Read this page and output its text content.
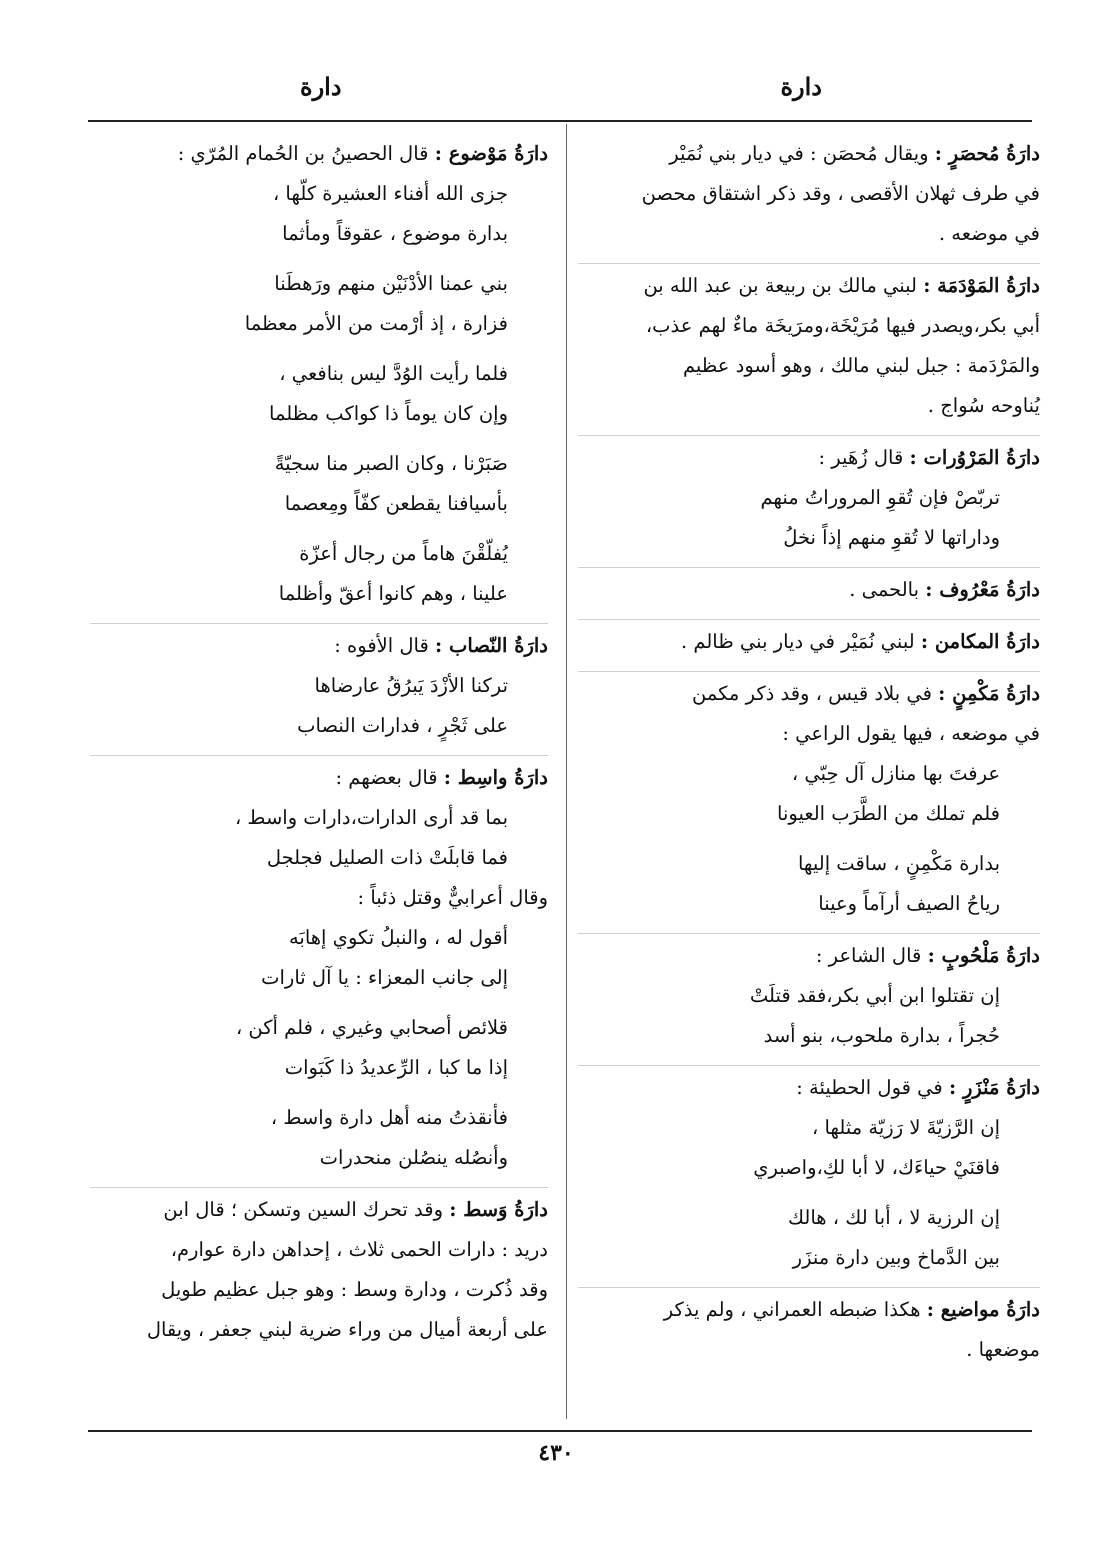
دارة
دارة

دارَةُ مُحصَرٍ : ويقال مُحصَن : في ديار بني نُمَيْر

في طرف ثهلان الأقصى ، وقد ذكر اشتقاق محصن

في موضعه .

دارَةُ المَوْدَمَة : لبني مالك بن ربيعة بن عبد الله بن

أبي بكر،ويصدر فيها مُرَيْخَة،ومرَيخَة ماءٌ لهم عذب،

والمَرْدَمة : جبل لبني مالك ، وهو أسود عظيم

يُناوحه سُواج .

دارَةُ المَرْوُرات : قال زُهَير :

تربّصْ فإن تُقوِ المروراتُ منهم

وداراتها لا تُقوِ منهم إذاً نخلُ

دارَةُ مَعْرُوف : بالحمى .

دارَةُ المكامن : لبني نُمَيْر في ديار بني ظالم .

دارَةُ مَكْمِنٍ : في بلاد قيس ، وقد ذكر مكمن

في موضعه ، فيها يقول الراعي :

عرفتَ بها منازل آل حِبّي ،

فلم تملك من الطَّرَب العيونا

بدارة مَكْمِنٍ ، ساقت إليها

رياحُ الصيف أرآماً وعينا

دارَةُ مَلْحُوبٍ : قال الشاعر :

إن تقتلوا ابن أبي بكر،فقد قتلَتْ

حُجراً ، بدارة ملحوب، بنو أسد

دارَةُ مَنْزَرٍ : في قول الحطيئة :

إن الرَّزيّةَ لا رَزيّة مثلها ،

فاقنَيْ حياءَك، لا أبا لكِ،واصبري

إن الرزية لا ، أبا لك ، هالك

بين الدَّماخ وبين دارة منزَر

دارَةُ مواضيع : هكذا ضبطه العمراني ، ولم يذكر

موضعها .

دارَةُ مَوْضوع : قال الحصينُ بن الحُمام المُرّي :

جزى الله أفناء العشيرة كلّها ،

بدارة موضوع ، عقوقاً ومأثما

بني عمنا الأدْنَيْن منهم ورَهطَنا

فزارة ، إذ أرْمت من الأمر معظما

فلما رأيت الوُدَّ ليس بنافعي ،

وإن كان يوماً ذا كواكب مظلما

صَبَرْنا ، وكان الصبر منا سجيّةً

بأسيافنا يقطعن كفّاً ومِعصما

يُفلّقْنَ هاماً من رجال أعزّة

علينا ، وهم كانوا أعقّ وأظلما

دارَةُ النّصاب : قال الأفوه :

تركنا الأزْدَ يَبرُقُ عارضاها

على ثَجْرٍ ، فدارات النصاب

دارَةُ واسِط : قال بعضهم :

بما قد أرى الدارات،دارات واسط ،

فما قابلَتْ ذات الصليل فجلجل

وقال أعرابيٌّ وقتل ذئباً :

أقول له ، والنبلُ تكوي إهابَه

إلى جانب المعزاء : يا آل ثارات

قلائص أصحابي وغيري ، فلم أكن ،

إذا ما كبا ، الرِّعديدُ ذا كَبَوات

فأنقذتُ منه أهل دارة واسط ،

وأنصُله ينصُلن منحدرات

دارَةُ وَسط : وقد تحرك السين وتسكن ؛ قال ابن

دريد : دارات الحمى ثلاث ، إحداهن دارة عوارم،

وقد ذُكرت ، ودارة وسط : وهو جبل عظيم طويل

على أربعة أميال من وراء ضرية لبني جعفر ، ويقال

٤٣٠
